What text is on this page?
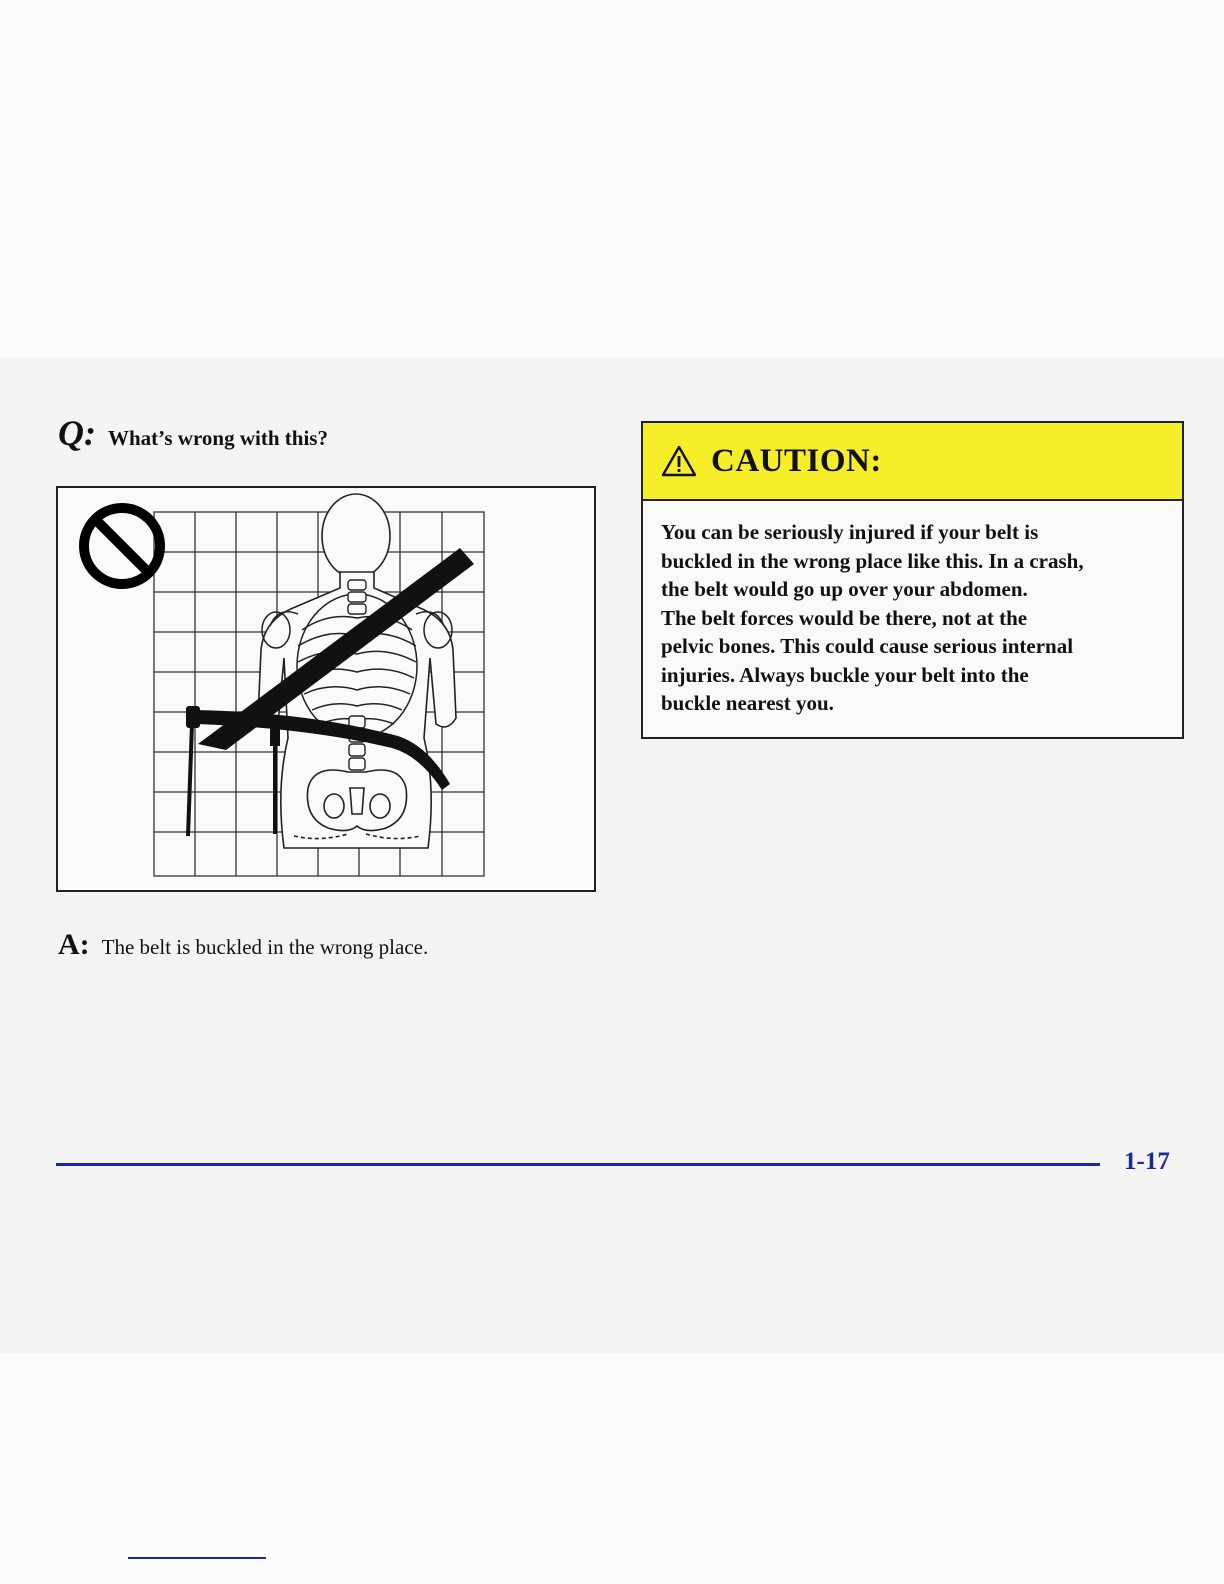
Q: What’s wrong with this?
A: The belt is buckled in the wrong place.
CAUTION:
You can be seriously injured if your belt is
buckled in the wrong place like this. In a crash,
the belt would go up over your abdomen.
The belt forces would be there, not at the
pelvic bones. This could cause serious internal
injuries. Always buckle your belt into the
buckle nearest you.
1-17
